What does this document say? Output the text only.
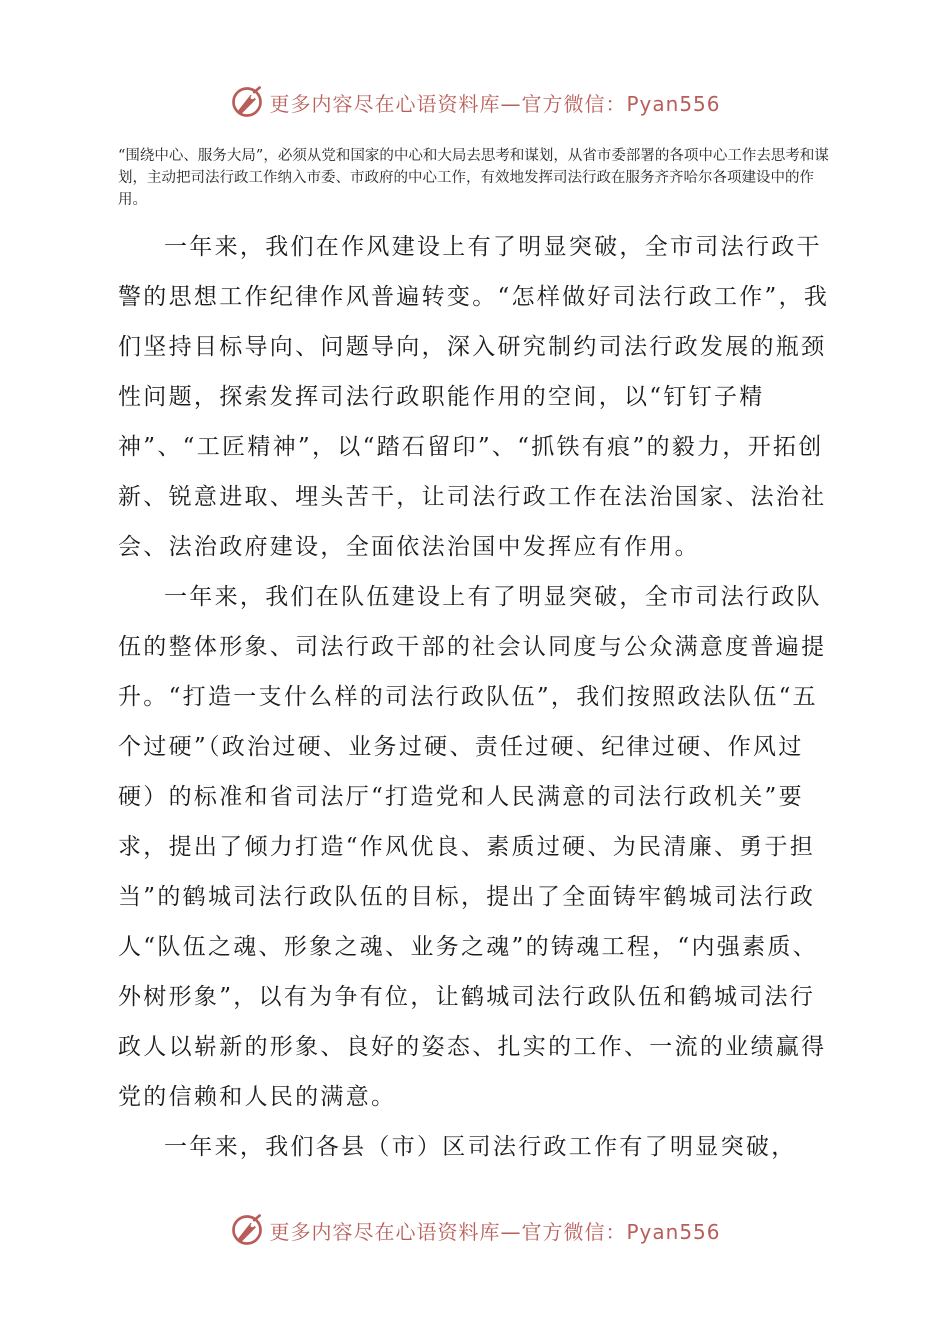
更多内容尽在心语资料库—官方微信：Pyan556

“围绕中心、服务大局”，必须从党和国家的中心和大局去思考和谋划，从省市委部署的各项中心工作去思考和谋划，主动把司法行政工作纳入市委、市政府的中心工作，有效地发挥司法行政在服务齐齐哈尔各项建设中的作用。

一年来，我们在作风建设上有了明显突破，全市司法行政干警的思想工作纪律作风普遍转变。“怎样做好司法行政工作”，我们坚持目标导向、问题导向，深入研究制约司法行政发展的瓶颈性问题，探索发挥司法行政职能作用的空间，以“钉钉子精神”、“工匠精神”，以“踏石留印”、“抓铁有痕”的毅力，开拓创新、锐意进取、埋头苦干，让司法行政工作在法治国家、法治社会、法治政府建设，全面依法治国中发挥应有作用。

一年来，我们在队伍建设上有了明显突破，全市司法行政队伍的整体形象、司法行政干部的社会认同度与公众满意度普遍提升。“打造一支什么样的司法行政队伍”，我们按照政法队伍“五个过硬”（政治过硬、业务过硬、责任过硬、纪律过硬、作风过硬）的标准和省司法厅“打造党和人民满意的司法行政机关”要求，提出了倾力打造“作风优良、素质过硬、为民清廉、勇于担当”的鹤城司法行政队伍的目标，提出了全面铸牢鹤城司法行政人“队伍之魂、形象之魂、业务之魂”的铸魂工程，“内强素质、外树形象”，以有为争有位，让鹤城司法行政队伍和鹤城司法行政人以崭新的形象、良好的姿态、扎实的工作、一流的业绩赢得党的信赖和人民的满意。

一年来，我们各县（市）区司法行政工作有了明显突破，

更多内容尽在心语资料库—官方微信：Pyan556
